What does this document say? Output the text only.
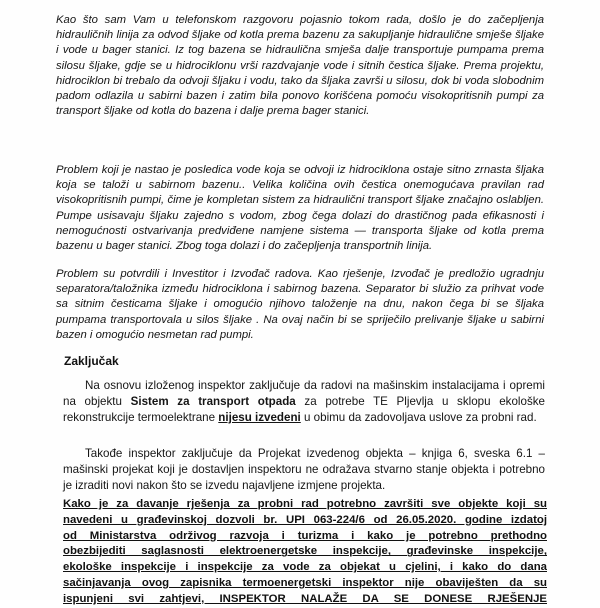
Kao što sam Vam u telefonskom razgovoru pojasnio tokom rada, došlo je do začepljenja hidrauličnih linija za odvod šljake od kotla prema bazenu za sakupljanje hidraulične smješe šljake i vode u bager stanici. Iz tog bazena se hidraulična smješa dalje transportuje pumpama prema silosu šljake, gdje se u hidrociklonu vrši razdvajanje vode i sitnih čestica šljake. Prema projektu, hidrociklon bi trebalo da odvoji šljaku i vodu, tako da šljaka završi u silosu, dok bi voda slobodnim padom odlazila u sabirni bazen i zatim bila ponovo korišćena pomoću visokopritisnih pumpi za transport šljake od kotla do bazena i dalje prema bager stanici.

Problem koji je nastao je posledica vode koja se odvoji iz hidrociklona ostaje sitno zrnasta šljaka koja se taloži u sabirnom bazenu.. Velika količina ovih čestica onemogućava pravilan rad visokopritisnih pumpi, čime je kompletan sistem za hidraulični transport šljake značajno oslabljen. Pumpe usisavaju šljaku zajedno s vodom, zbog čega dolazi do drastičnog pada efikasnosti i nemogućnosti ostvarivanja predviđene namjene sistema — transporta šljake od kotla prema bazenu u bager stanici. Zbog toga dolazi i do začepljenja transportnih linija.

Problem su potvrdili i Investitor i Izvođač radova. Kao rješenje, Izvođač je predložio ugradnju separatora/taložnika između hidrociklona i sabirnog bazena. Separator bi služio za prihvat vode sa sitnim česticama šljake i omogućio njihovo taloženje na dnu, nakon čega bi se šljaka pumpama transportovala u silos šljake . Na ovaj način bi se spriječilo prelivanje šljake u sabirni bazen i omogućio nesmetan rad pumpi.

Zaključak

Na osnovu izloženog inspektor zaključuje da radovi na mašinskim instalacijama i opremi na objektu Sistem za transport otpada za potrebe TE Pljevlja u sklopu ekološke rekonstrukcije termoelektrane nijesu izvedeni u obimu da zadovoljava uslove za probni rad.

Takođe inspektor zaključuje da Projekat izvedenog objekta – knjiga 6, sveska 6.1 – mašinski projekat koji je dostavljen inspektoru ne odražava stvarno stanje objekta i potrebno je izraditi novi nakon što se izvedu najavljene izmjene projekta.

Kako je za davanje rješenja za probni rad potrebno završiti sve objekte koji su
navedeni u građevinskoj dozvoli br. UPI 063-224/6 od 26.05.2020. godine izdatoj
od Ministarstva održivog razvoja i turizma i kako je potrebno prethodno
obezbijediti saglasnosti elektroenergetske inspekcije, građevinske inspekcije,
ekološke inspekcije i inspekcije za vode za objekat u cjelini, i kako do dana
sačinjavanja ovog zapisnika termoenergetski inspektor nije obaviješten da su
ispunjeni svi zahtjevi, INSPEKTOR NALAŽE DA SE DONESE RJEŠENJE
